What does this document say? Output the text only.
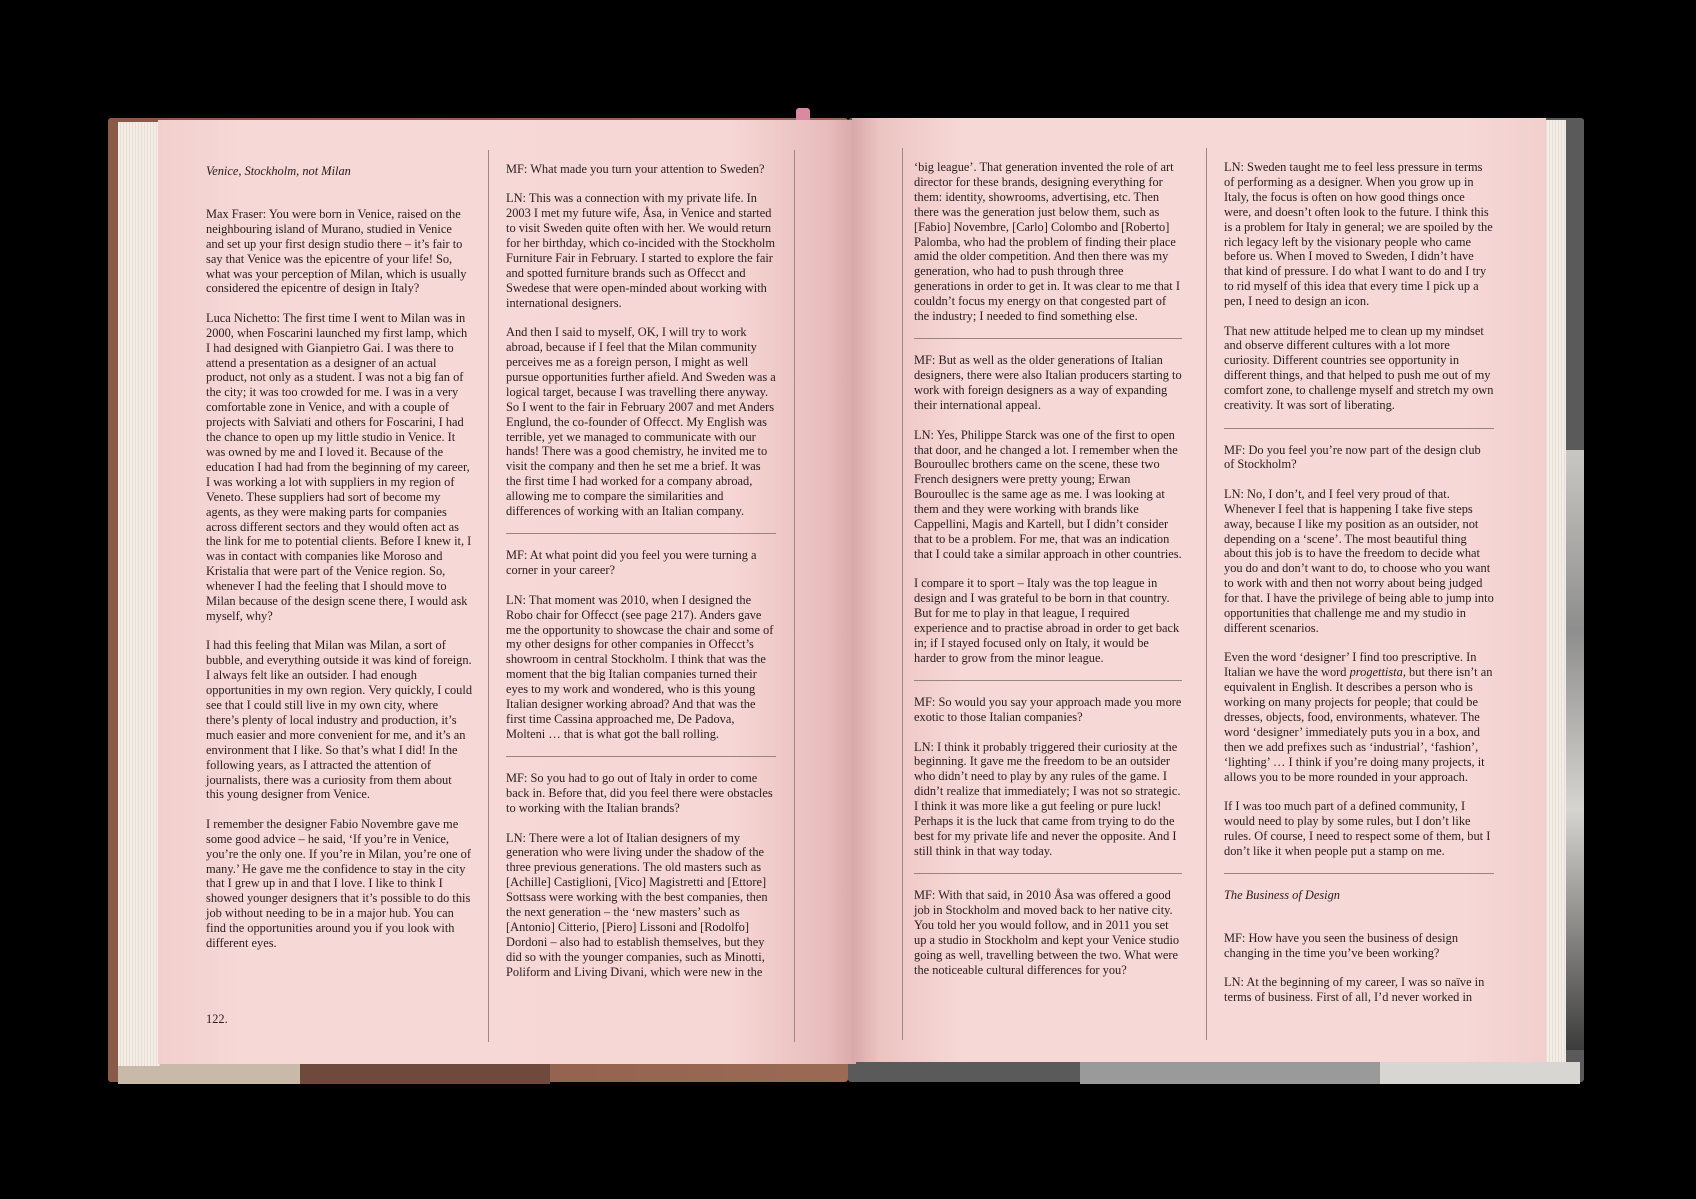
Venice, Stockholm, not Milan

Max Fraser: You were born in Venice, raised on the neighbouring island of Murano, studied in Venice and set up your first design studio there – it’s fair to say that Venice was the epicentre of your life! So, what was your perception of Milan, which is usually considered the epicentre of design in Italy?

Luca Nichetto: The first time I went to Milan was in 2000, when Foscarini launched my first lamp, which I had designed with Gianpietro Gai. I was there to attend a presentation as a designer of an actual product, not only as a student. I was not a big fan of the city; it was too crowded for me. I was in a very comfortable zone in Venice, and with a couple of projects with Salviati and others for Foscarini, I had the chance to open up my little studio in Venice. It was owned by me and I loved it. Because of the education I had had from the beginning of my career, I was working a lot with suppliers in my region of Veneto. These suppliers had sort of become my agents, as they were making parts for companies across different sectors and they would often act as the link for me to potential clients. Before I knew it, I was in contact with companies like Moroso and Kristalia that were part of the Venice region. So, whenever I had the feeling that I should move to Milan because of the design scene there, I would ask myself, why?

I had this feeling that Milan was Milan, a sort of bubble, and everything outside it was kind of foreign. I always felt like an outsider. I had enough opportunities in my own region. Very quickly, I could see that I could still live in my own city, where there’s plenty of local industry and production, it’s much easier and more convenient for me, and it’s an environment that I like. So that’s what I did! In the following years, as I attracted the attention of journalists, there was a curiosity from them about this young designer from Venice.

I remember the designer Fabio Novembre gave me some good advice – he said, ‘If you’re in Venice, you’re the only one. If you’re in Milan, you’re one of many.’ He gave me the confidence to stay in the city that I grew up in and that I love. I like to think I showed younger designers that it’s possible to do this job without needing to be in a major hub. You can find the opportunities around you if you look with different eyes.

MF: What made you turn your attention to Sweden?

LN: This was a connection with my private life. In 2003 I met my future wife, Åsa, in Venice and started to visit Sweden quite often with her. We would return for her birthday, which co-incided with the Stockholm Furniture Fair in February. I started to explore the fair and spotted furniture brands such as Offecct and Swedese that were open-minded about working with international designers.

And then I said to myself, OK, I will try to work abroad, because if I feel that the Milan community perceives me as a foreign person, I might as well pursue opportunities further afield. And Sweden was a logical target, because I was travelling there anyway. So I went to the fair in February 2007 and met Anders Englund, the co-founder of Offecct. My English was terrible, yet we managed to communicate with our hands! There was a good chemistry, he invited me to visit the company and then he set me a brief. It was the first time I had worked for a company abroad, allowing me to compare the similarities and differences of working with an Italian company.

MF: At what point did you feel you were turning a corner in your career?

LN: That moment was 2010, when I designed the Robo chair for Offecct (see page 217). Anders gave me the opportunity to showcase the chair and some of my other designs for other companies in Offecct’s showroom in central Stockholm. I think that was the moment that the big Italian companies turned their eyes to my work and wondered, who is this young Italian designer working abroad? And that was the first time Cassina approached me, De Padova, Molteni … that is what got the ball rolling.

MF: So you had to go out of Italy in order to come back in. Before that, did you feel there were obstacles to working with the Italian brands?

LN: There were a lot of Italian designers of my generation who were living under the shadow of the three previous generations. The old masters such as [Achille] Castiglioni, [Vico] Magistretti and [Ettore] Sottsass were working with the best companies, then the next generation – the ‘new masters’ such as [Antonio] Citterio, [Piero] Lissoni and [Rodolfo] Dordoni – also had to establish themselves, but they did so with the younger companies, such as Minotti, Poliform and Living Divani, which were new in the

122.

‘big league’. That generation invented the role of art director for these brands, designing everything for them: identity, showrooms, advertising, etc. Then there was the generation just below them, such as [Fabio] Novembre, [Carlo] Colombo and [Roberto] Palomba, who had the problem of finding their place amid the older competition. And then there was my generation, who had to push through three generations in order to get in. It was clear to me that I couldn’t focus my energy on that congested part of the industry; I needed to find something else.

MF: But as well as the older generations of Italian designers, there were also Italian producers starting to work with foreign designers as a way of expanding their international appeal.

LN: Yes, Philippe Starck was one of the first to open that door, and he changed a lot. I remember when the Bouroullec brothers came on the scene, these two French designers were pretty young; Erwan Bouroullec is the same age as me. I was looking at them and they were working with brands like Cappellini, Magis and Kartell, but I didn’t consider that to be a problem. For me, that was an indication that I could take a similar approach in other countries.

I compare it to sport – Italy was the top league in design and I was grateful to be born in that country. But for me to play in that league, I required experience and to practise abroad in order to get back in; if I stayed focused only on Italy, it would be harder to grow from the minor league.

MF: So would you say your approach made you more exotic to those Italian companies?

LN: I think it probably triggered their curiosity at the beginning. It gave me the freedom to be an outsider who didn’t need to play by any rules of the game. I didn’t realize that immediately; I was not so strategic. I think it was more like a gut feeling or pure luck! Perhaps it is the luck that came from trying to do the best for my private life and never the opposite. And I still think in that way today.

MF: With that said, in 2010 Åsa was offered a good job in Stockholm and moved back to her native city. You told her you would follow, and in 2011 you set up a studio in Stockholm and kept your Venice studio going as well, travelling between the two. What were the noticeable cultural differences for you?

LN: Sweden taught me to feel less pressure in terms of performing as a designer. When you grow up in Italy, the focus is often on how good things once were, and doesn’t often look to the future. I think this is a problem for Italy in general; we are spoiled by the rich legacy left by the visionary people who came before us. When I moved to Sweden, I didn’t have that kind of pressure. I do what I want to do and I try to rid myself of this idea that every time I pick up a pen, I need to design an icon.

That new attitude helped me to clean up my mindset and observe different cultures with a lot more curiosity. Different countries see opportunity in different things, and that helped to push me out of my comfort zone, to challenge myself and stretch my own creativity. It was sort of liberating.

MF: Do you feel you’re now part of the design club of Stockholm?

LN: No, I don’t, and I feel very proud of that. Whenever I feel that is happening I take five steps away, because I like my position as an outsider, not depending on a ‘scene’. The most beautiful thing about this job is to have the freedom to decide what you do and don’t want to do, to choose who you want to work with and then not worry about being judged for that. I have the privilege of being able to jump into opportunities that challenge me and my studio in different scenarios.

Even the word ‘designer’ I find too prescriptive. In Italian we have the word progettista, but there isn’t an equivalent in English. It describes a person who is working on many projects for people; that could be dresses, objects, food, environments, whatever. The word ‘designer’ immediately puts you in a box, and then we add prefixes such as ‘industrial’, ‘fashion’, ‘lighting’ … I think if you’re doing many projects, it allows you to be more rounded in your approach.

If I was too much part of a defined community, I would need to play by some rules, but I don’t like rules. Of course, I need to respect some of them, but I don’t like it when people put a stamp on me.

The Business of Design

MF: How have you seen the business of design changing in the time you’ve been working?

LN: At the beginning of my career, I was so naïve in terms of business. First of all, I’d never worked in
